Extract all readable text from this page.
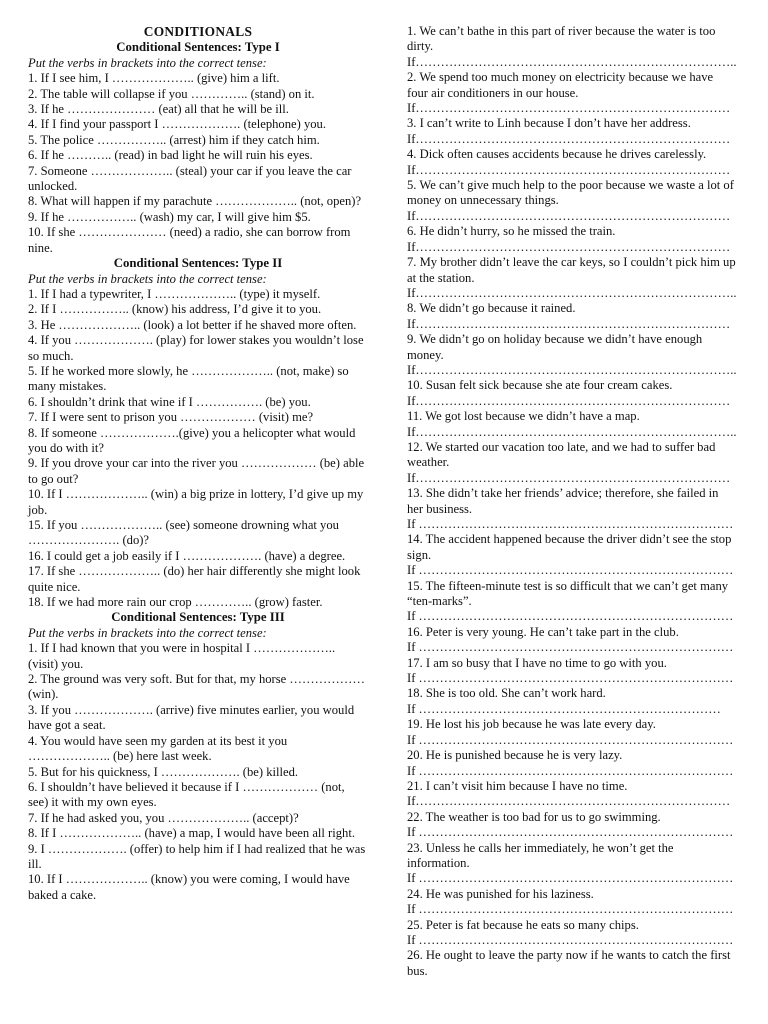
CONDITIONALS
Conditional Sentences: Type I
Put the verbs in brackets into the correct tense:
1. If I see him, I ……………….. (give) him a lift.
2. The table will collapse if you ………….. (stand) on it.
3. If he ………………… (eat) all that he will be ill.
4. If I find your passport I ………………. (telephone) you.
5. The police …………….. (arrest) him if they catch him.
6. If he ……….. (read) in bad light he will ruin his eyes.
7. Someone ……………….. (steal) your car if you leave the car unlocked.
8. What will happen if my parachute ……………….. (not, open)?
9. If he …………….. (wash) my car, I will give him $5.
10. If she ………………… (need) a radio, she can borrow from nine.
Conditional Sentences: Type II
Put the verbs in brackets into the correct tense:
1. If I had a typewriter, I ……………….. (type) it myself.
2. If I …………….. (know) his address, I’d give it to you.
3. He ……………….. (look) a lot better if he shaved more often.
4. If you ………………. (play) for lower stakes you wouldn’t lose so much.
5. If he worked more slowly, he ……………….. (not, make) so many mistakes.
6. I shouldn’t drink that wine if I ……………. (be) you.
7. If I were sent to prison you ……………… (visit) me?
8. If someone ……………….(give) you a helicopter what would you do with it?
9. If you drove your car into the river you ……………… (be) able to go out?
10. If I ……………….. (win) a big prize in lottery, I’d give up my job.
15. If you ……………….. (see) someone drowning what you …………………. (do)?
16. I could get a job easily if I ………………. (have) a degree.
17. If she ……………….. (do) her hair differently she might look quite nice.
18. If we had more rain our crop ………….. (grow) faster.
Conditional Sentences: Type III
Put the verbs in brackets into the correct tense:
1. If I had known that you were in hospital I ……………….. (visit) you.
2. The ground was very soft. But for that, my horse ……………… (win).
3. If you ………………. (arrive) five minutes earlier, you would have got a seat.
4. You would have seen my garden at its best it you ……………….. (be) here last week.
5. But for his quickness, I ………………. (be) killed.
6. I shouldn’t have believed it because if I ……………… (not, see) it with my own eyes.
7. If he had asked you, you ……………….. (accept)?
8. If I ……………….. (have) a map, I would have been all right.
9. I ………………. (offer) to help him if I had realized that he was ill.
10. If I ……………….. (know) you were coming, I would have baked a cake.
1. We can’t bathe in this part of river because the water is too dirty.
If…………………………………………………………………..
2. We spend too much money on electricity because we have four air conditioners in our house.
If…………………………………………………………………
3. I can’t write to Linh because I don’t have her address.
If…………………………………………………………………
4. Dick often causes accidents because he drives carelessly.
If…………………………………………………………………
5. We can’t give much help to the poor because we waste a lot of money on unnecessary things.
If…………………………………………………………………
6. He didn’t hurry, so he missed the train.
If…………………………………………………………………
7. My brother didn’t leave the car keys, so I couldn’t pick him up at the station.
If…………………………………………………………………..
8. We didn’t go because it rained.
If…………………………………………………………………
9. We didn’t go on holiday because we didn’t have enough money.
If…………………………………………………………………..
10. Susan felt sick because she ate four cream cakes.
If…………………………………………………………………
11. We got lost because we didn’t have a map.
If…………………………………………………………………..
12. We started our vacation too late, and we had to suffer bad weather.
If…………………………………………………………………
13. She didn’t take her friends’ advice; therefore, she failed in her business.
If …………………………………………………………………
14. The accident happened because the driver didn’t see the stop sign.
If …………………………………………………………………
15. The fifteen-minute test is so difficult that we can’t get many “ten-marks”.
If …………………………………………………………………
16. Peter is very young. He can’t take part in the club.
If …………………………………………………………………
17. I am so busy that I have no time to go with you.
If …………………………………………………………………
18. She is too old. She can’t work hard.
If ………………………………………………………………
19. He lost his job because he was late every day.
If …………………………………………………………………
20. He is punished because he is very lazy.
If …………………………………………………………………
21. I can’t visit him because I have no time.
If…………………………………………………………………
22. The weather is too bad for us to go swimming.
If …………………………………………………………………
23. Unless he calls her immediately, he won’t get the information.
If …………………………………………………………………
24. He was punished for his laziness.
If …………………………………………………………………
25. Peter is fat because he eats so many chips.
If …………………………………………………………………
26. He ought to leave the party now if he wants to catch the first bus.
